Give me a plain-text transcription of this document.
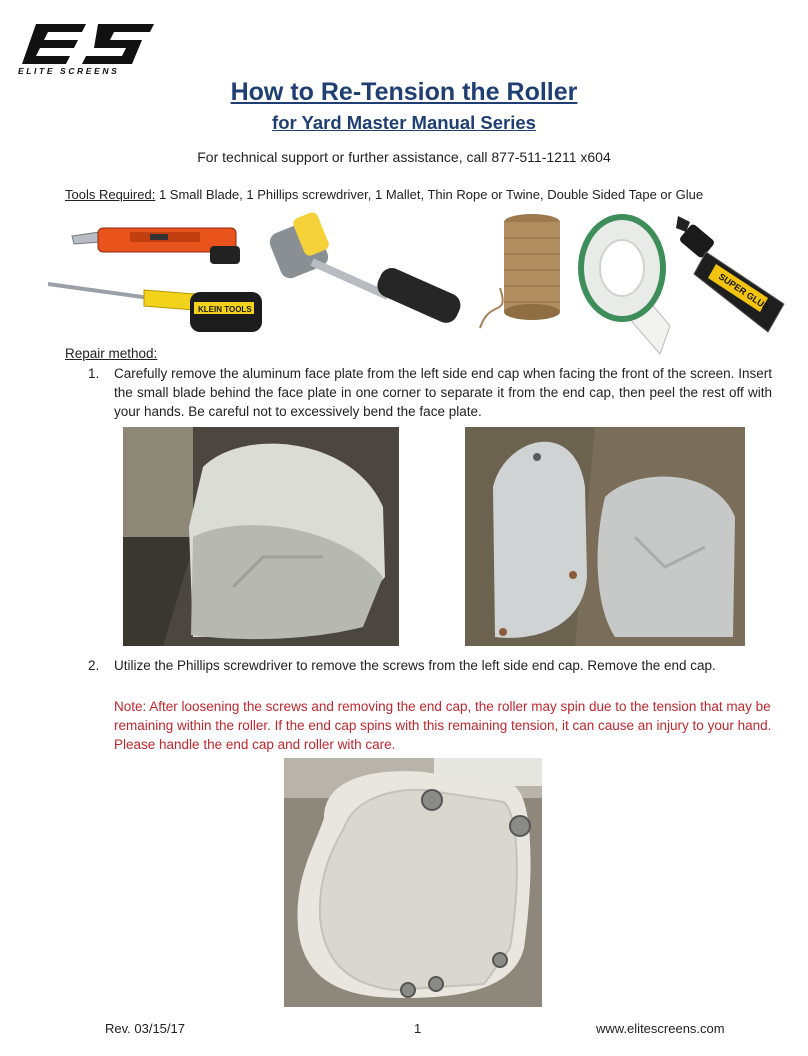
ELITE SCREENS
How to Re-Tension the Roller
for Yard Master Manual Series
For technical support or further assistance, call 877-511-1211 x604
Tools Required: 1 Small Blade, 1 Phillips screwdriver, 1 Mallet, Thin Rope or Twine, Double Sided Tape or Glue
KLEIN TOOLS	SUPER GLUE
Repair method:
1. Carefully remove the aluminum face plate from the left side end cap when facing the front of the screen. Insert the small blade behind the face plate in one corner to separate it from the end cap, then peel the rest off with your hands. Be careful not to excessively bend the face plate.
2. Utilize the Phillips screwdriver to remove the screws from the left side end cap. Remove the end cap.
Note: After loosening the screws and removing the end cap, the roller may spin due to the tension that may be remaining within the roller. If the end cap spins with this remaining tension, it can cause an injury to your hand. Please handle the end cap and roller with care.
Rev. 03/15/17	1	www.elitescreens.com
